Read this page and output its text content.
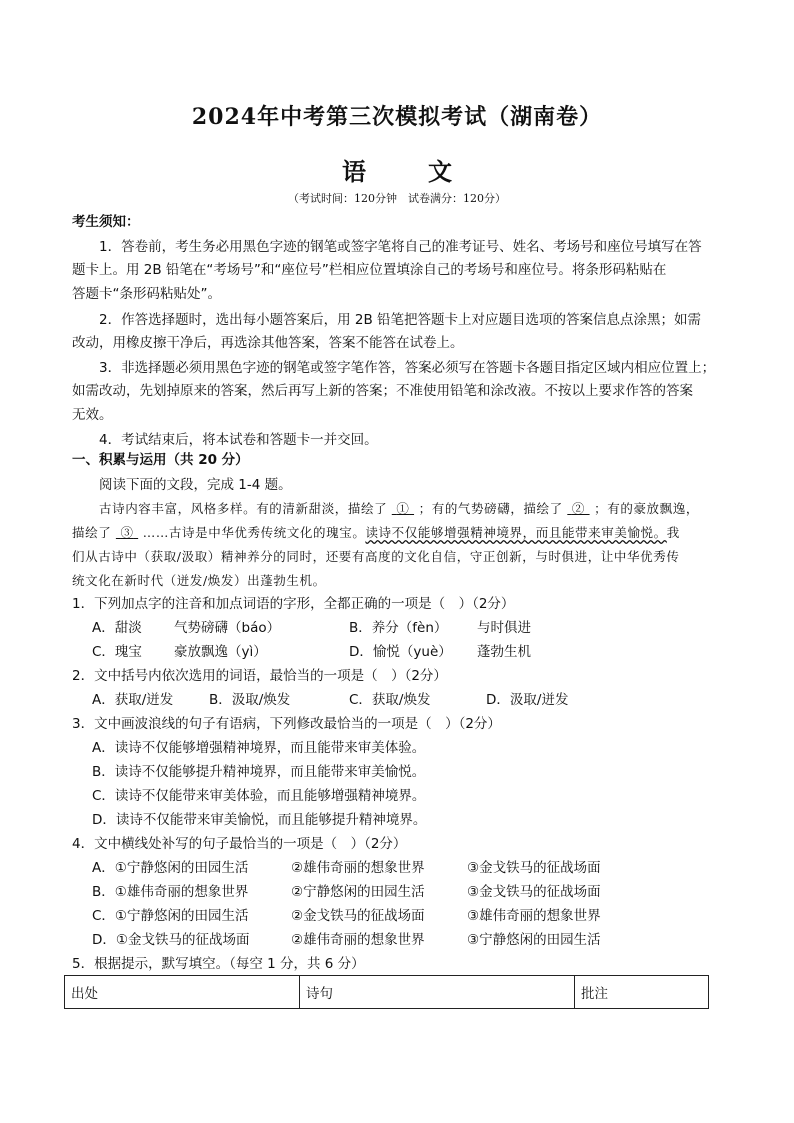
2024年中考第三次模拟考试（湖南卷）
语	文
（考试时间：120分钟　试卷满分：120分）
考生须知：
1．答卷前，考生务必用黑色字迹的钢笔或签字笔将自己的准考证号、姓名、考场号和座位号填写在答
题卡上。用 2B 铅笔在“考场号”和“座位号”栏相应位置填涂自己的考场号和座位号。将条形码粘贴在
答题卡“条形码粘贴处”。
2．作答选择题时，选出每小题答案后，用 2B 铅笔把答题卡上对应题目选项的答案信息点涂黑；如需
改动，用橡皮擦干净后，再选涂其他答案，答案不能答在试卷上。
3．非选择题必须用黑色字迹的钢笔或签字笔作答，答案必须写在答题卡各题目指定区域内相应位置上；
如需改动，先划掉原来的答案，然后再写上新的答案；不准使用铅笔和涂改液。不按以上要求作答的答案
无效。
4．考试结束后，将本试卷和答题卡一并交回。
一、积累与运用（共 20 分）
阅读下面的文段，完成 1-4 题。
古诗内容丰富，风格多样。有的清新甜淡，描绘了 ① ；有的气势磅礴，描绘了 ② ；有的豪放飘逸，
描绘了 ③ ……古诗是中华优秀传统文化的瑰宝。读诗不仅能够增强精神境界，而且能带来审美愉悦。我
们从古诗中（获取/汲取）精神养分的同时，还要有高度的文化自信，守正创新，与时俱进，让中华优秀传
统文化在新时代（迸发/焕发）出蓬勃生机。
1．下列加点字的注音和加点词语的字形，全都正确的一项是（　）（2分）
A．甜淡 气势磅礴（báo）	B．养分（fèn） 与时俱进
C．瑰宝 豪放飘逸（yì）	D．愉悦（yuè） 蓬勃生机
2．文中括号内依次选用的词语，最恰当的一项是（　）（2分）
A．获取/迸发	B．汲取/焕发	C．获取/焕发	D．汲取/迸发
3．文中画波浪线的句子有语病，下列修改最恰当的一项是（　）（2分）
A．读诗不仅能够增强精神境界，而且能带来审美体验。
B．读诗不仅能够提升精神境界，而且能带来审美愉悦。
C．读诗不仅能带来审美体验，而且能够增强精神境界。
D．读诗不仅能带来审美愉悦，而且能够提升精神境界。
4．文中横线处补写的句子最恰当的一项是（　）（2分）
A．①宁静悠闲的田园生活	②雄伟奇丽的想象世界	③金戈铁马的征战场面
B．①雄伟奇丽的想象世界	②宁静悠闲的田园生活	③金戈铁马的征战场面
C．①宁静悠闲的田园生活	②金戈铁马的征战场面	③雄伟奇丽的想象世界
D．①金戈铁马的征战场面	②雄伟奇丽的想象世界	③宁静悠闲的田园生活
5．根据提示，默写填空。（每空 1 分，共 6 分）
出处	诗句	批注
